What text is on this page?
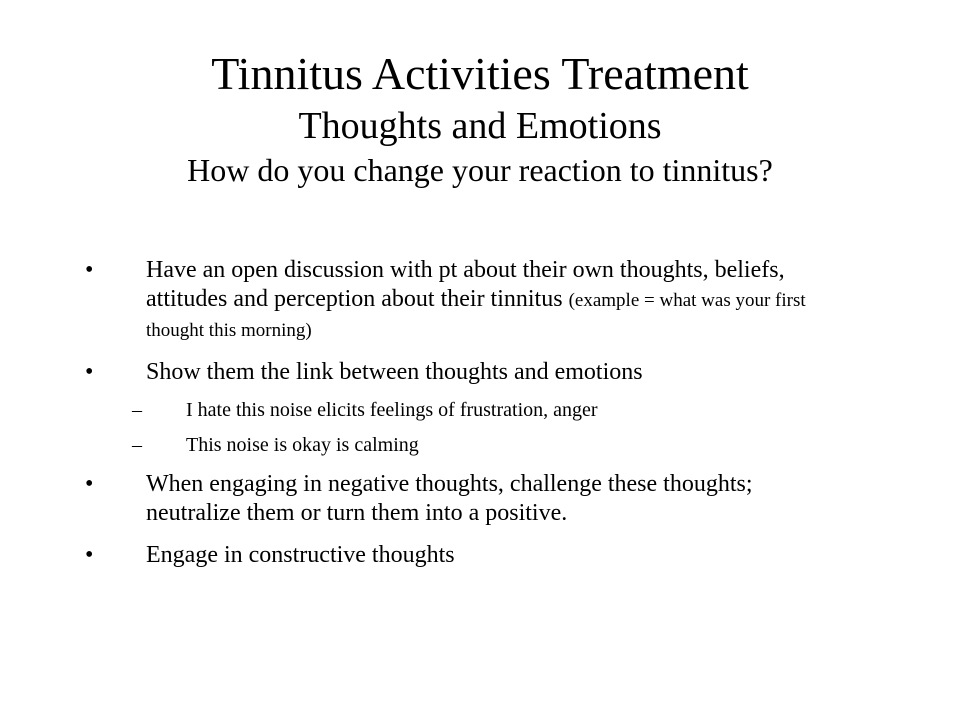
Tinnitus Activities Treatment
Thoughts and Emotions
How do you change your reaction to tinnitus?
• Have an open discussion with pt about their own thoughts, beliefs, attitudes and perception about their tinnitus (example = what was your first thought this morning)
• Show them the link between thoughts and emotions
– I hate this noise elicits feelings of frustration, anger
– This noise is okay is calming
• When engaging in negative thoughts, challenge these thoughts; neutralize them or turn them into a positive.
• Engage in constructive thoughts
